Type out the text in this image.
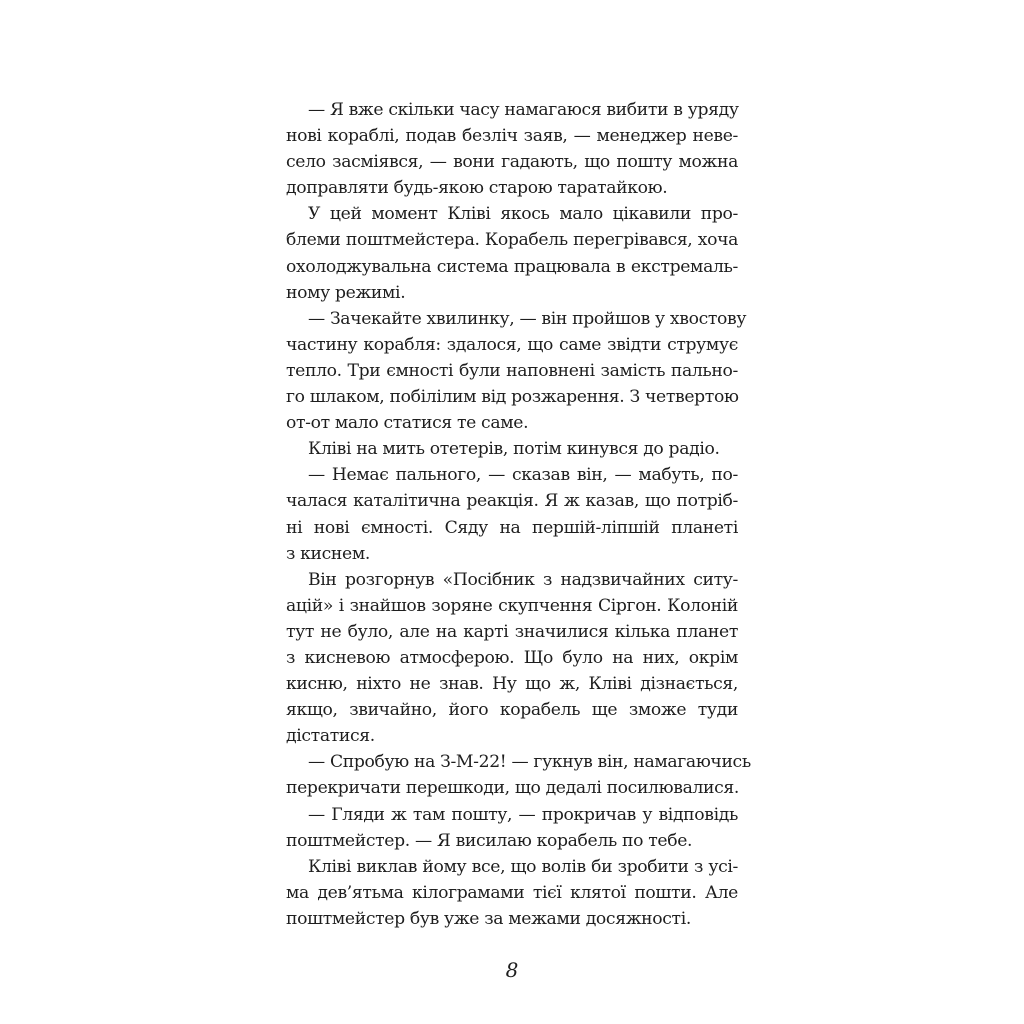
— Я вже скільки часу намагаюся вибити в уряду
нові кораблі, подав безліч заяв, — менеджер неве-
село засміявся, — вони гадають, що пошту можна
доправляти будь-якою старою таратайкою.
У цей момент Кліві якось мало цікавили про-
блеми поштмейстера. Корабель перегрівався, хоча
охолоджувальна система працювала в екстремаль-
ному режимі.
— Зачекайте хвилинку, — він пройшов у хвостову
частину корабля: здалося, що саме звідти струмує
тепло. Три ємності були наповнені замість пально-
го шлаком, побілілим від розжарення. З четвертою
от-от мало статися те саме.
Кліві на мить отетерів, потім кинувся до радіо.
— Немає пального, — сказав він, — мабуть, по-
чалася каталітична реакція. Я ж казав, що потріб-
ні нові ємності. Сяду на першій-ліпшій планеті
з киснем.
Він розгорнув «Посібник з надзвичайних ситу-
ацій» і знайшов зоряне скупчення Сіргон. Колоній
тут не було, але на карті значилися кілька планет
з кисневою атмосферою. Що було на них, окрім
кисню, ніхто не знав. Ну що ж, Кліві дізнається,
якщо, звичайно, його корабель ще зможе туди
дістатися.
— Спробую на З-М-22! — гукнув він, намагаючись
перекричати перешкоди, що дедалі посилювалися.
— Гляди ж там пошту, — прокричав у відповідь
поштмейстер. — Я висилаю корабель по тебе.
Кліві виклав йому все, що волів би зробити з усі-
ма дев’ятьма кілограмами тієї клятої пошти. Але
поштмейстер був уже за межами досяжності.
8
